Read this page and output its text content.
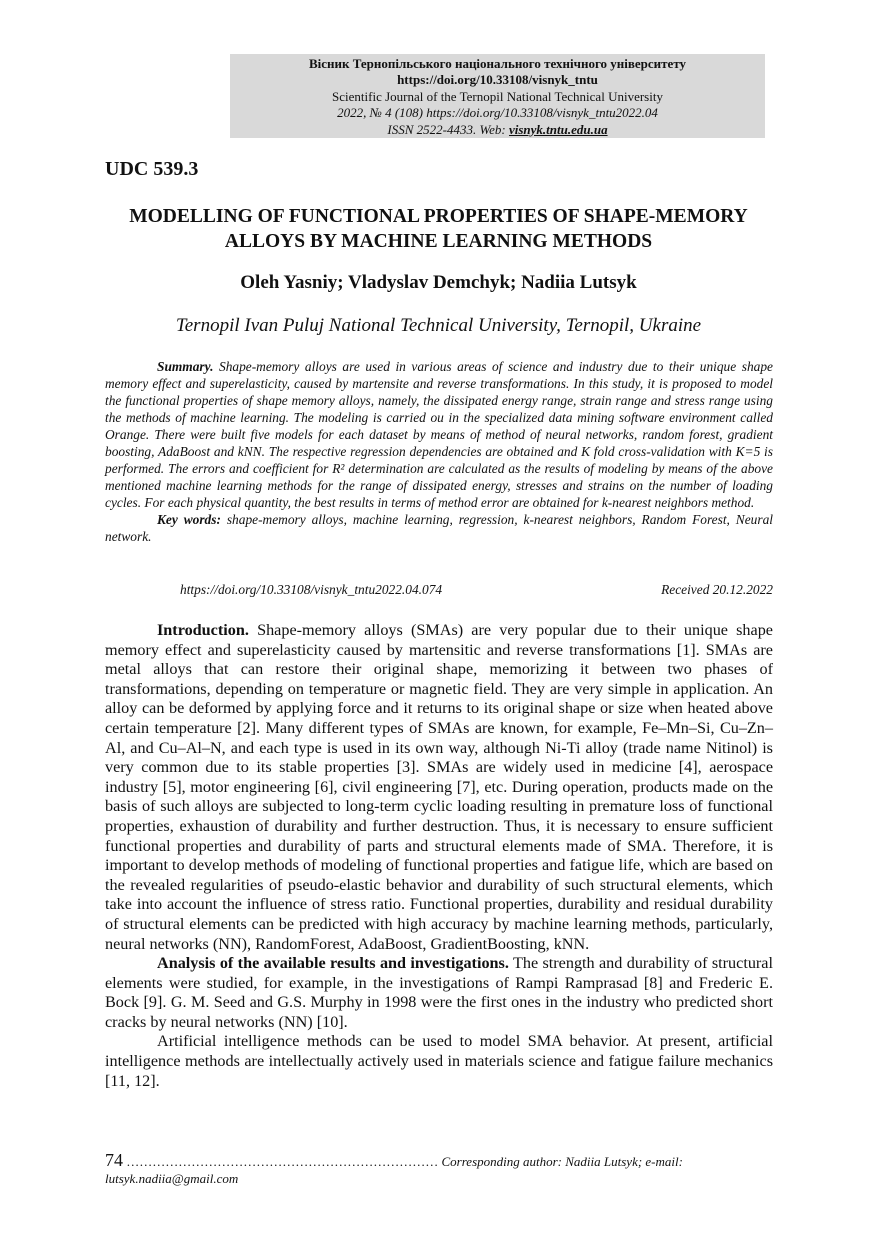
Вісник Тернопільського національного технічного університету
https://doi.org/10.33108/visnyk_tntu
Scientific Journal of the Ternopil National Technical University
2022, № 4 (108) https://doi.org/10.33108/visnyk_tntu2022.04
ISSN 2522-4433. Web: visnyk.tntu.edu.ua
UDC 539.3
MODELLING OF FUNCTIONAL PROPERTIES OF SHAPE-MEMORY ALLOYS BY MACHINE LEARNING METHODS
Oleh Yasniy; Vladyslav Demchyk; Nadiia Lutsyk
Ternopil Ivan Puluj National Technical University, Ternopil, Ukraine

Summary. Shape-memory alloys are used in various areas of science and industry due to their unique shape memory effect and superelasticity, caused by martensite and reverse transformations. In this study, it is proposed to model the functional properties of shape memory alloys, namely, the dissipated energy range, strain range and stress range using the methods of machine learning. The modeling is carried ou in the specialized data mining software environment called Orange. There were built five models for each dataset by means of method of neural networks, random forest, gradient boosting, AdaBoost and kNN. The respective regression dependencies are obtained and K fold cross-validation with K=5 is performed. The errors and coefficient for R² determination are calculated as the results of modeling by means of the above mentioned machine learning methods for the range of dissipated energy, stresses and strains on the number of loading cycles. For each physical quantity, the best results in terms of method error are obtained for k-nearest neighbors method.

Key words: shape-memory alloys, machine learning, regression, k-nearest neighbors, Random Forest, Neural network.

https://doi.org/10.33108/visnyk_tntu2022.04.074	Received 20.12.2022

Introduction. Shape-memory alloys (SMAs) are very popular due to their unique shape memory effect and superelasticity caused by martensitic and reverse transformations [1]. SMAs are metal alloys that can restore their original shape, memorizing it between two phases of transformations, depending on temperature or magnetic field. They are very simple in application. An alloy can be deformed by applying force and it returns to its original shape or size when heated above certain temperature [2]. Many different types of SMAs are known, for example, Fe–Mn–Si, Cu–Zn–Al, and Cu–Al–N, and each type is used in its own way, although Ni-Ti alloy (trade name Nitinol) is very common due to its stable properties [3]. SMAs are widely used in medicine [4], aerospace industry [5], motor engineering [6], civil engineering [7], etc. During operation, products made on the basis of such alloys are subjected to long-term cyclic loading resulting in premature loss of functional properties, exhaustion of durability and further destruction. Thus, it is necessary to ensure sufficient functional properties and durability of parts and structural elements made of SMA. Therefore, it is important to develop methods of modeling of functional properties and fatigue life, which are based on the revealed regularities of pseudo-elastic behavior and durability of such structural elements, which take into account the influence of stress ratio. Functional properties, durability and residual durability of structural elements can be predicted with high accuracy by machine learning methods, particularly, neural networks (NN), RandomForest, AdaBoost, GradientBoosting, kNN.

Analysis of the available results and investigations. The strength and durability of structural elements were studied, for example, in the investigations of Rampi Ramprasad [8] and Frederic E. Bock [9]. G. M. Seed and G.S. Murphy in 1998 were the first ones in the industry who predicted short cracks by neural networks (NN) [10].

Artificial intelligence methods can be used to model SMA behavior. At present, artificial intelligence methods are intellectually actively used in materials science and fatigue failure mechanics [11, 12].

74 ……………………………………………………………… Corresponding author: Nadiia Lutsyk; e-mail: lutsyk.nadiia@gmail.com
